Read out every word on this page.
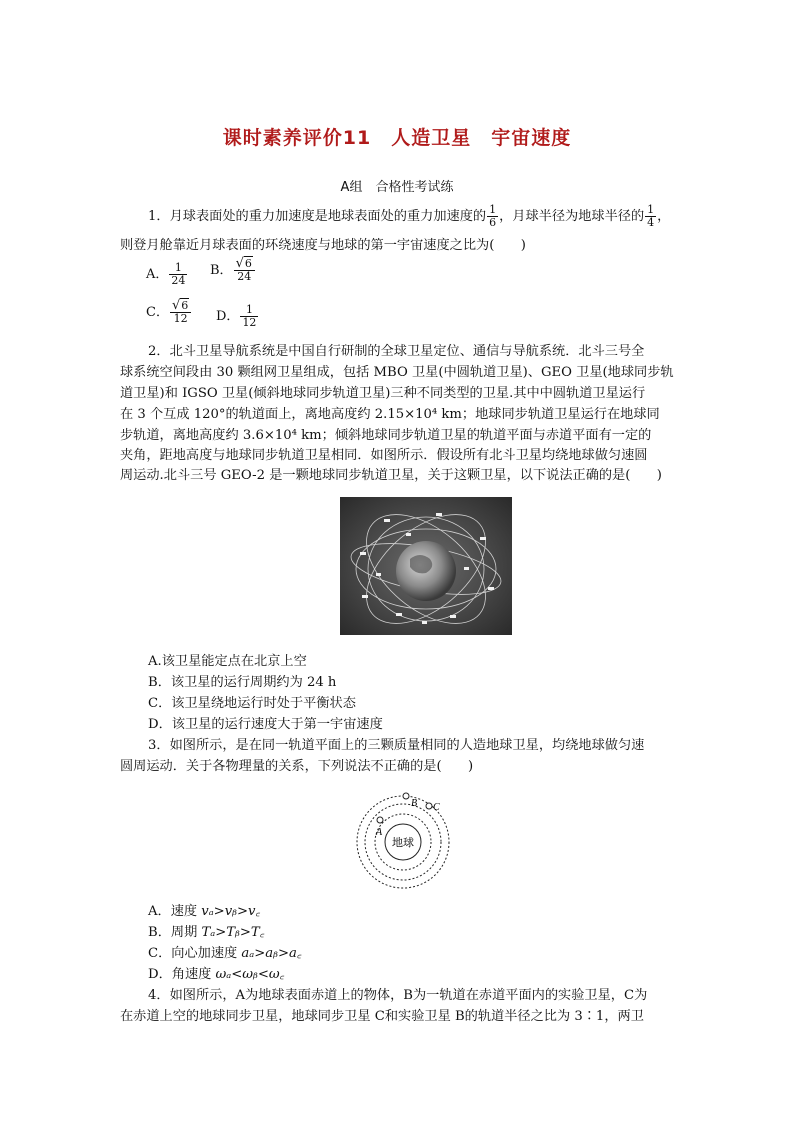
课时素养评价11　人造卫星　宇宙速度
A组　合格性考试练
1．月球表面处的重力加速度是地球表面处的重力加速度的 $\frac{1}{6}$ ，月球半径为地球半径的 $\frac{1}{4}$ ，
则登月舱靠近月球表面的环绕速度与地球的第一宇宙速度之比为(　　)
A． $\frac{1}{24}$ B． $\frac{√6}{24}$
C． $\frac{√6}{12}$ D． $\frac{1}{12}$
2．北斗卫星导航系统是中国自行研制的全球卫星定位、通信与导航系统．北斗三号全
球系统空间段由 30 颗组网卫星组成，包括 MBO 卫星(中圆轨道卫星)、GEO 卫星(地球同步轨
道卫星)和 IGSO 卫星(倾斜地球同步轨道卫星)三种不同类型的卫星.其中中圆轨道卫星运行
在 3 个互成 120°的轨道面上，离地高度约 2.15×10⁴ km；地球同步轨道卫星运行在地球同
步轨道，离地高度约 3.6×10⁴ km；倾斜地球同步轨道卫星的轨道平面与赤道平面有一定的
夹角，距地高度与地球同步轨道卫星相同．如图所示．假设所有北斗卫星均绕地球做匀速圆
周运动.北斗三号 GEO-2 是一颗地球同步轨道卫星，关于这颗卫星，以下说法正确的是(　　)
A.该卫星能定点在北京上空
B．该卫星的运行周期约为 24 h
C．该卫星绕地运行时处于平衡状态
D．该卫星的运行速度大于第一宇宙速度
3．如图所示，是在同一轨道平面上的三颗质量相同的人造地球卫星，均绕地球做匀速
圆周运动．关于各物理量的关系，下列说法不正确的是(　　)
地球
A
B C
A．速度 vₐ>vᵦ>v꜀
B．周期 Tₐ>Tᵦ>T꜀
C．向心加速度 aₐ>aᵦ>a꜀
D．角速度 ωₐ<ωᵦ<ω꜀
4．如图所示，A为地球表面赤道上的物体，B为一轨道在赤道平面内的实验卫星，C为
在赤道上空的地球同步卫星，地球同步卫星 C和实验卫星 B的轨道半径之比为 3∶1，两卫
